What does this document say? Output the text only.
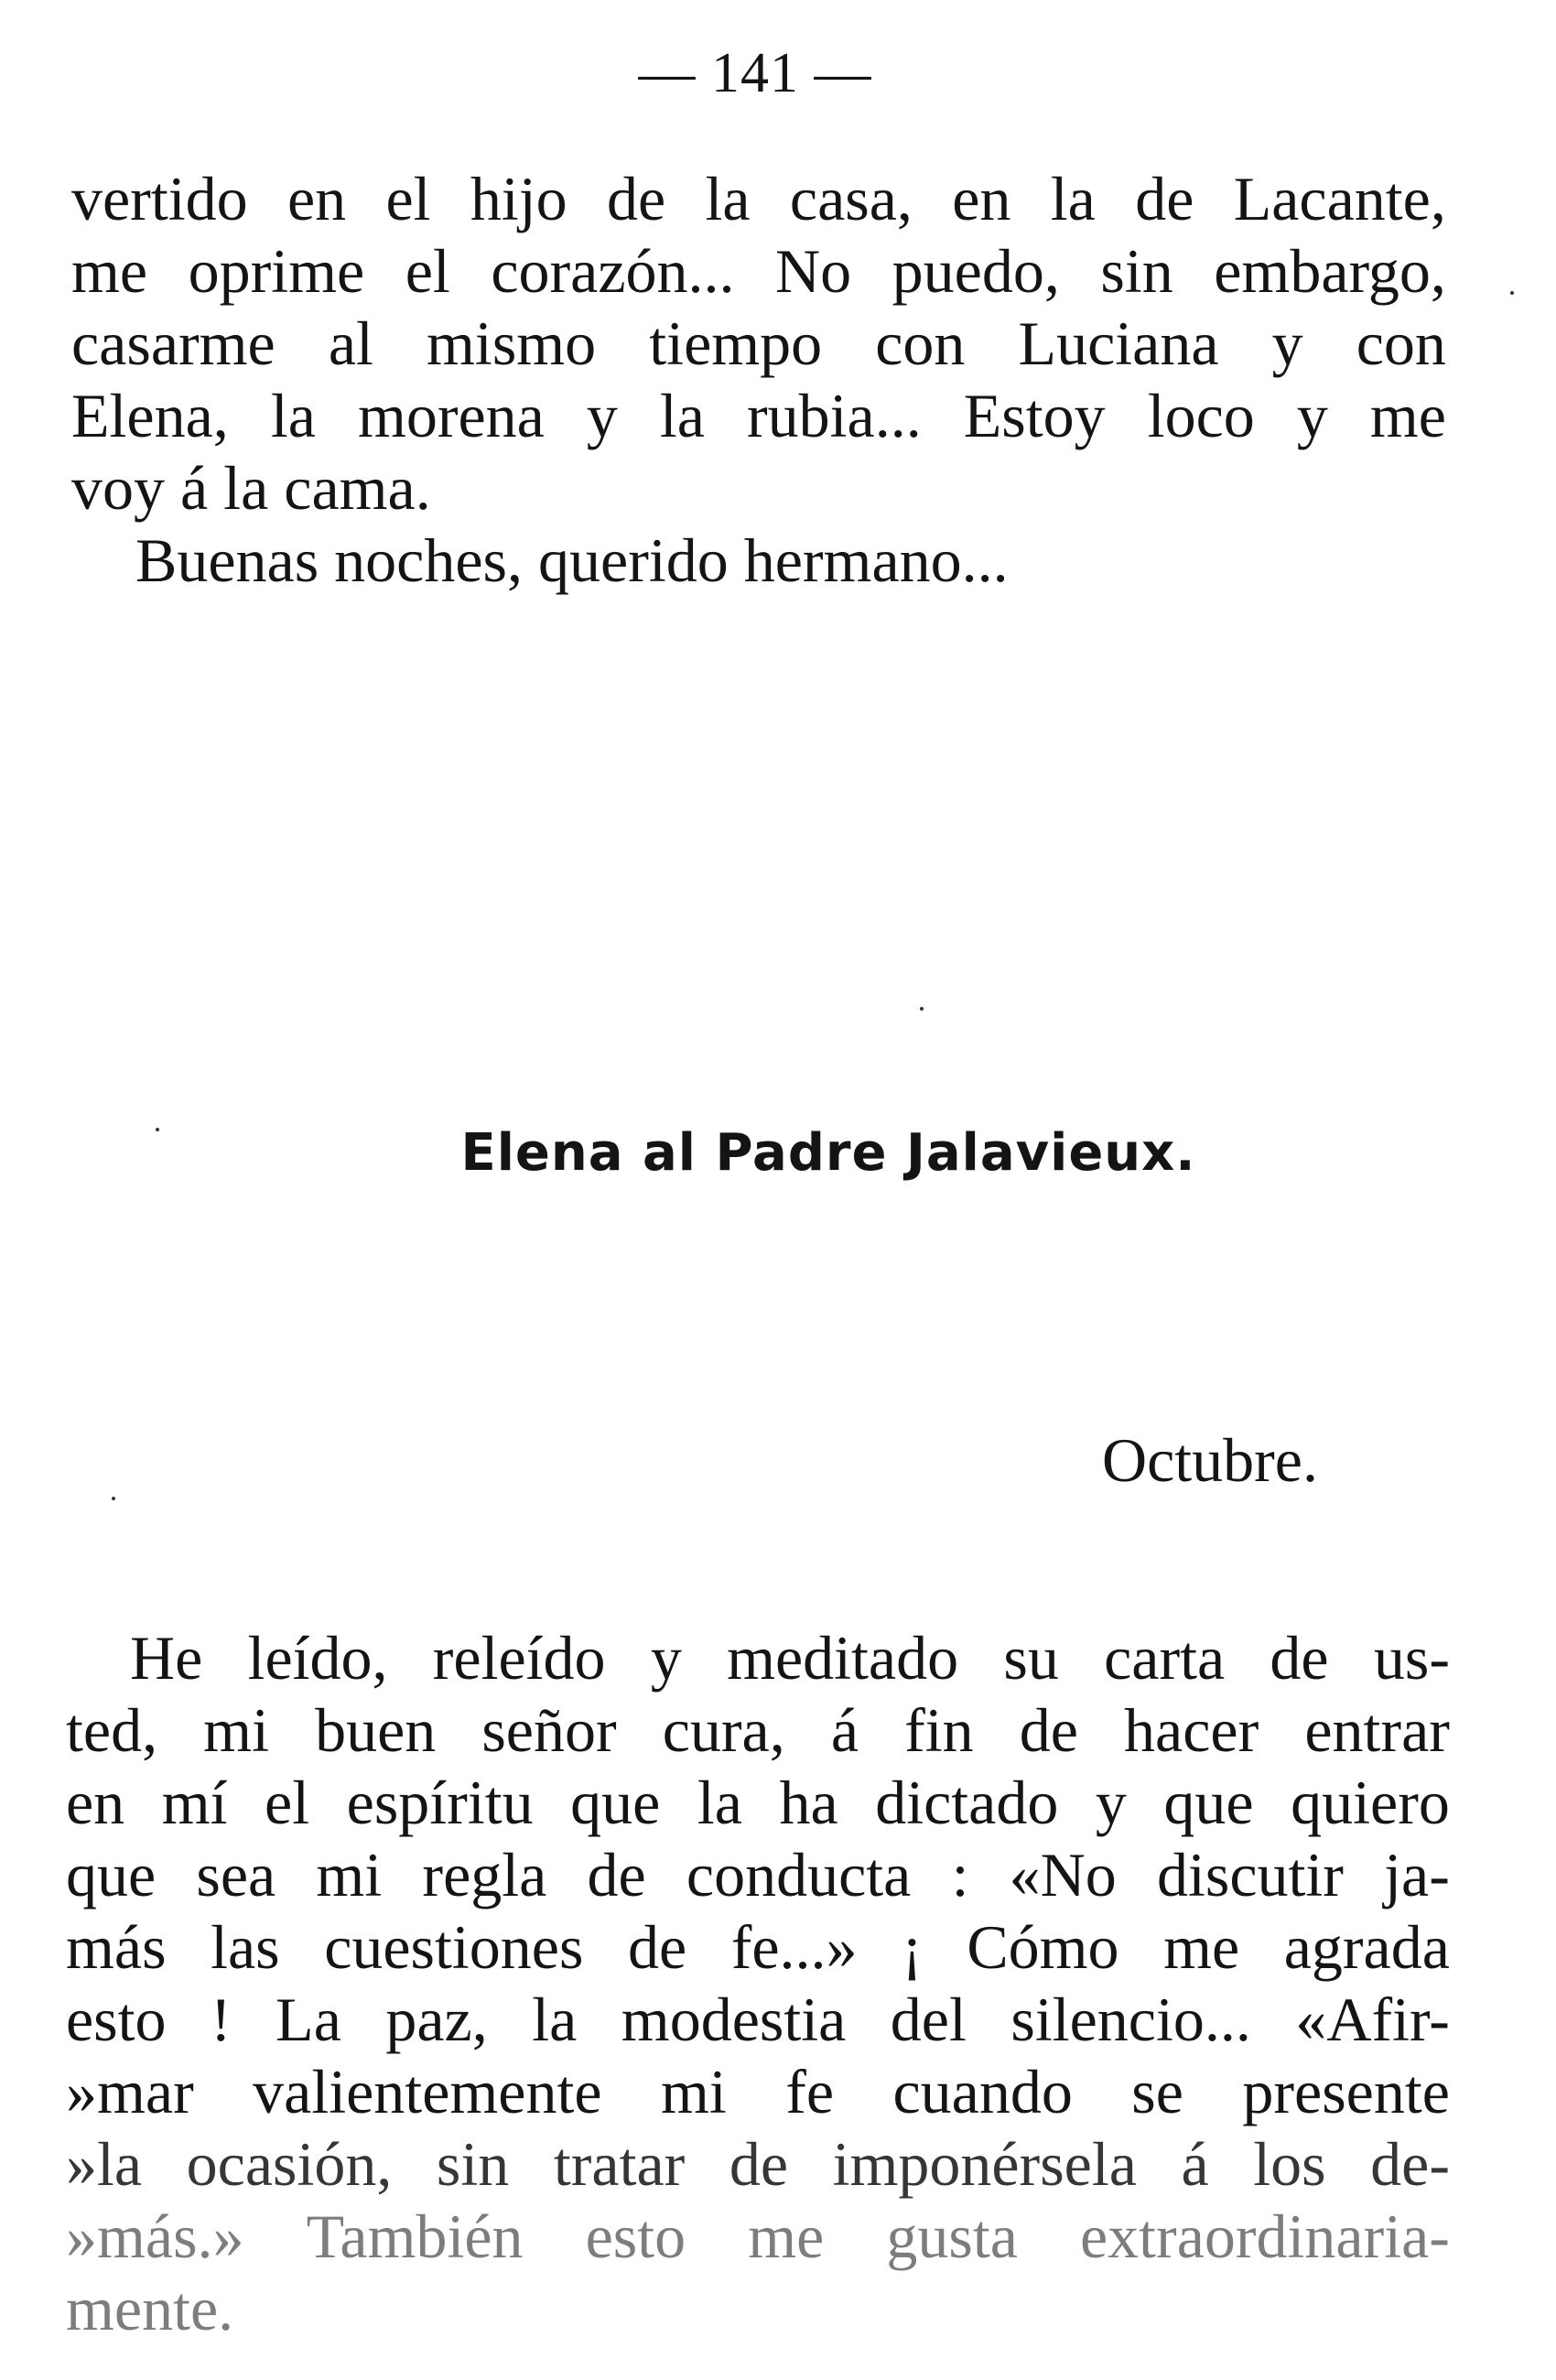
— 141 —
vertido en el hijo de la casa, en la de Lacante,
me oprime el corazón... No puedo, sin embargo,
casarme al mismo tiempo con Luciana y con
Elena, la morena y la rubia... Estoy loco y me
voy á la cama.
Buenas noches, querido hermano...
Elena al Padre Jalavieux.
Octubre.
He leído, releído y meditado su carta de us-
ted, mi buen señor cura, á fin de hacer entrar
en mí el espíritu que la ha dictado y que quiero
que sea mi regla de conducta : «No discutir ja-
más las cuestiones de fe...» ¡ Cómo me agrada
esto ! La paz, la modestia del silencio... «Afir-
»mar valientemente mi fe cuando se presente
»la ocasión, sin tratar de imponérsela á los de-
»más.» También esto me gusta extraordinaria-
mente.
